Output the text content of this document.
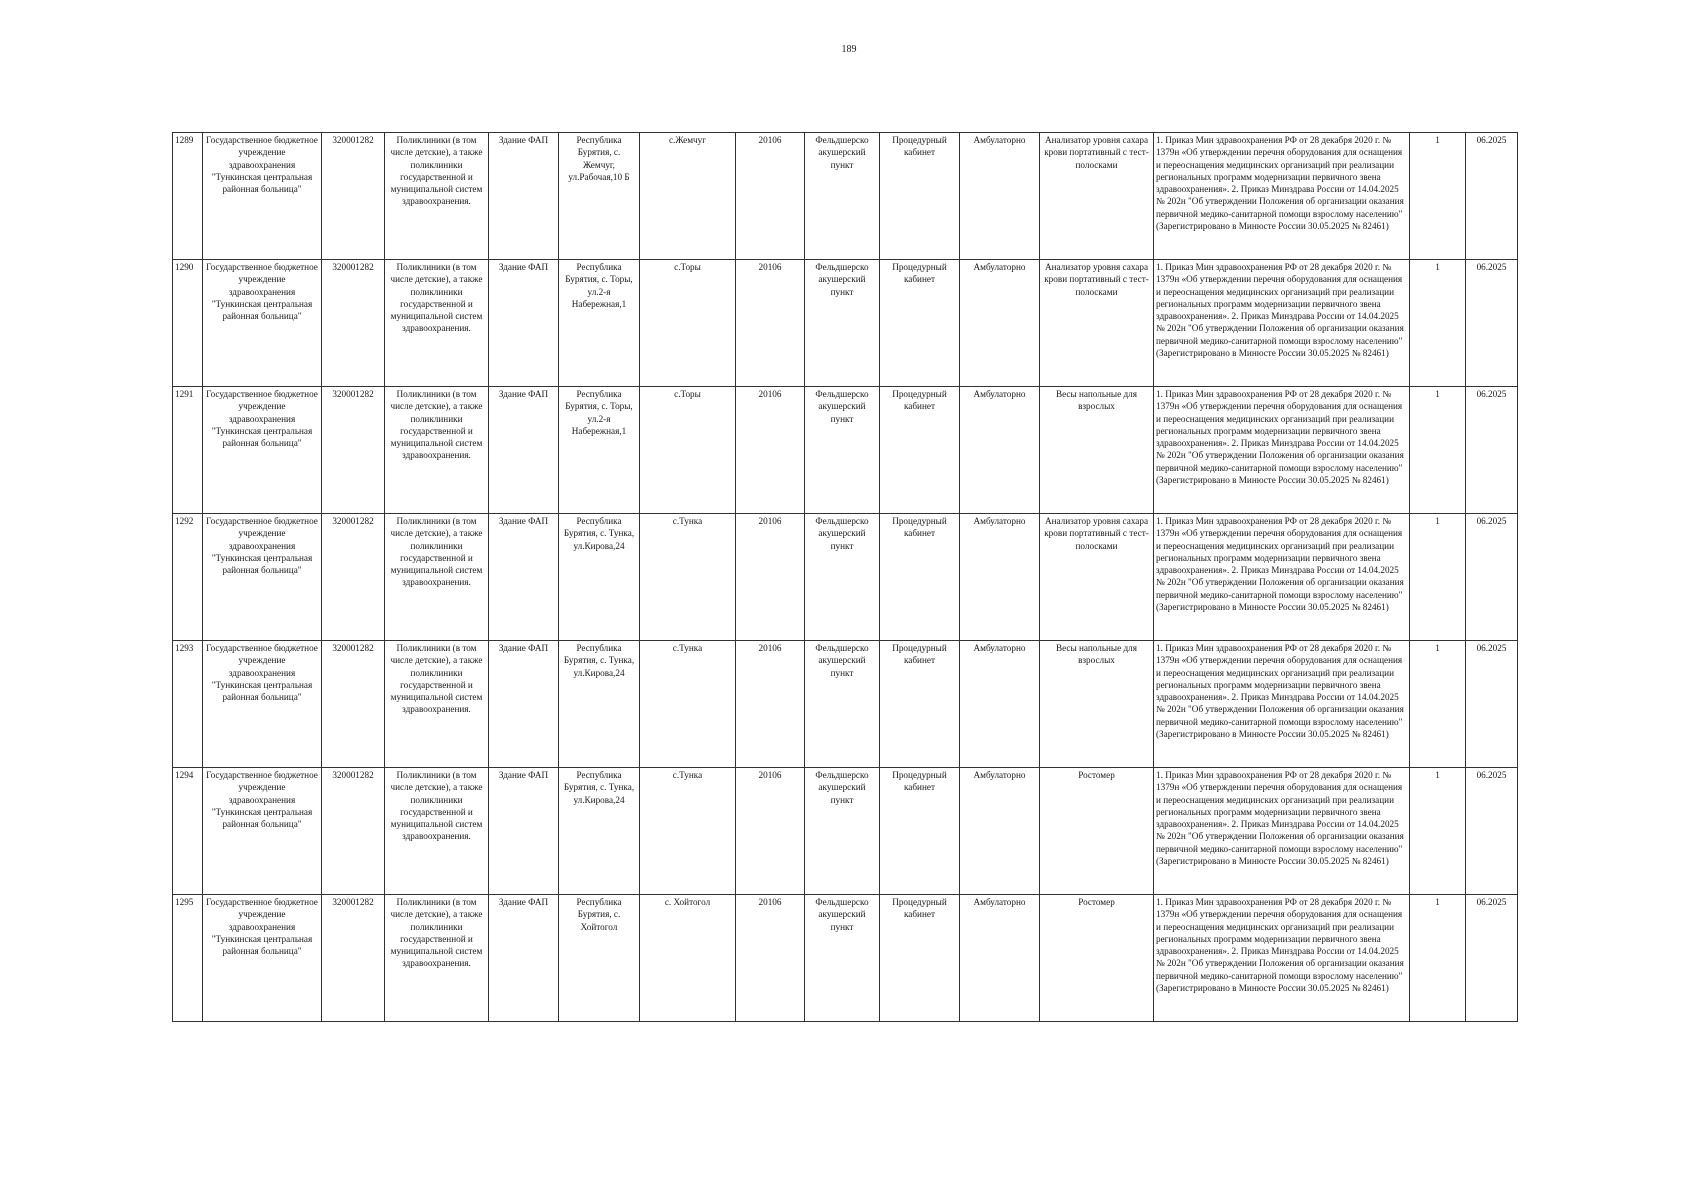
189
1289	Государственное бюджетное учреждение здравоохранения "Тункинская центральная районная больница"	320001282	Поликлиники (в том числе детские), а также поликлиники государственной и муниципальной систем здравоохранения.	Здание ФАП	Республика Бурятия, с. Жемчуг, ул.Рабочая,10 Б	с.Жемчуг	20106	Фельдшерско акушерский пункт	Процедурный кабинет	Амбулаторно	Анализатор уровня сахара крови портативный с тест-полосками	1. Приказ Мин здравоохранения РФ от 28 декабря 2020 г. № 1379н «Об утверждении перечня оборудования для оснащения и переоснащения медицинских организаций при реализации региональных программ модернизации первичного звена здравоохранения». 2. Приказ Минздрава России от 14.04.2025 № 202н "Об утверждении Положения об организации оказания первичной медико-санитарной помощи взрослому населению" (Зарегистрировано в Минюсте России 30.05.2025 № 82461)	1	06.2025
1290	Государственное бюджетное учреждение здравоохранения "Тункинская центральная районная больница"	320001282	Поликлиники (в том числе детские), а также поликлиники государственной и муниципальной систем здравоохранения.	Здание ФАП	Республика Бурятия, с. Торы, ул.2-я Набережная,1	с.Торы	20106	Фельдшерско акушерский пункт	Процедурный кабинет	Амбулаторно	Анализатор уровня сахара крови портативный с тест-полосками	1. Приказ Мин здравоохранения РФ от 28 декабря 2020 г. № 1379н «Об утверждении перечня оборудования для оснащения и переоснащения медицинских организаций при реализации региональных программ модернизации первичного звена здравоохранения». 2. Приказ Минздрава России от 14.04.2025 № 202н "Об утверждении Положения об организации оказания первичной медико-санитарной помощи взрослому населению" (Зарегистрировано в Минюсте России 30.05.2025 № 82461)	1	06.2025
1291	Государственное бюджетное учреждение здравоохранения "Тункинская центральная районная больница"	320001282	Поликлиники (в том числе детские), а также поликлиники государственной и муниципальной систем здравоохранения.	Здание ФАП	Республика Бурятия, с. Торы, ул.2-я Набережная,1	с.Торы	20106	Фельдшерско акушерский пункт	Процедурный кабинет	Амбулаторно	Весы напольные для взрослых	1. Приказ Мин здравоохранения РФ от 28 декабря 2020 г. № 1379н «Об утверждении перечня оборудования для оснащения и переоснащения медицинских организаций при реализации региональных программ модернизации первичного звена здравоохранения». 2. Приказ Минздрава России от 14.04.2025 № 202н "Об утверждении Положения об организации оказания первичной медико-санитарной помощи взрослому населению" (Зарегистрировано в Минюсте России 30.05.2025 № 82461)	1	06.2025
1292	Государственное бюджетное учреждение здравоохранения "Тункинская центральная районная больница"	320001282	Поликлиники (в том числе детские), а также поликлиники государственной и муниципальной систем здравоохранения.	Здание ФАП	Республика Бурятия, с. Тунка, ул.Кирова,24	с.Тунка	20106	Фельдшерско акушерский пункт	Процедурный кабинет	Амбулаторно	Анализатор уровня сахара крови портативный с тест-полосками	1. Приказ Мин здравоохранения РФ от 28 декабря 2020 г. № 1379н «Об утверждении перечня оборудования для оснащения и переоснащения медицинских организаций при реализации региональных программ модернизации первичного звена здравоохранения». 2. Приказ Минздрава России от 14.04.2025 № 202н "Об утверждении Положения об организации оказания первичной медико-санитарной помощи взрослому населению" (Зарегистрировано в Минюсте России 30.05.2025 № 82461)	1	06.2025
1293	Государственное бюджетное учреждение здравоохранения "Тункинская центральная районная больница"	320001282	Поликлиники (в том числе детские), а также поликлиники государственной и муниципальной систем здравоохранения.	Здание ФАП	Республика Бурятия, с. Тунка, ул.Кирова,24	с.Тунка	20106	Фельдшерско акушерский пункт	Процедурный кабинет	Амбулаторно	Весы напольные для взрослых	1. Приказ Мин здравоохранения РФ от 28 декабря 2020 г. № 1379н «Об утверждении перечня оборудования для оснащения и переоснащения медицинских организаций при реализации региональных программ модернизации первичного звена здравоохранения». 2. Приказ Минздрава России от 14.04.2025 № 202н "Об утверждении Положения об организации оказания первичной медико-санитарной помощи взрослому населению" (Зарегистрировано в Минюсте России 30.05.2025 № 82461)	1	06.2025
1294	Государственное бюджетное учреждение здравоохранения "Тункинская центральная районная больница"	320001282	Поликлиники (в том числе детские), а также поликлиники государственной и муниципальной систем здравоохранения.	Здание ФАП	Республика Бурятия, с. Тунка, ул.Кирова,24	с.Тунка	20106	Фельдшерско акушерский пункт	Процедурный кабинет	Амбулаторно	Ростомер	1. Приказ Мин здравоохранения РФ от 28 декабря 2020 г. № 1379н «Об утверждении перечня оборудования для оснащения и переоснащения медицинских организаций при реализации региональных программ модернизации первичного звена здравоохранения». 2. Приказ Минздрава России от 14.04.2025 № 202н "Об утверждении Положения об организации оказания первичной медико-санитарной помощи взрослому населению" (Зарегистрировано в Минюсте России 30.05.2025 № 82461)	1	06.2025
1295	Государственное бюджетное учреждение здравоохранения "Тункинская центральная районная больница"	320001282	Поликлиники (в том числе детские), а также поликлиники государственной и муниципальной систем здравоохранения.	Здание ФАП	Республика Бурятия, с. Хойтогол	с. Хойтогол	20106	Фельдшерско акушерский пункт	Процедурный кабинет	Амбулаторно	Ростомер	1. Приказ Мин здравоохранения РФ от 28 декабря 2020 г. № 1379н «Об утверждении перечня оборудования для оснащения и переоснащения медицинских организаций при реализации региональных программ модернизации первичного звена здравоохранения». 2. Приказ Минздрава России от 14.04.2025 № 202н "Об утверждении Положения об организации оказания первичной медико-санитарной помощи взрослому населению" (Зарегистрировано в Минюсте России 30.05.2025 № 82461)	1	06.2025
